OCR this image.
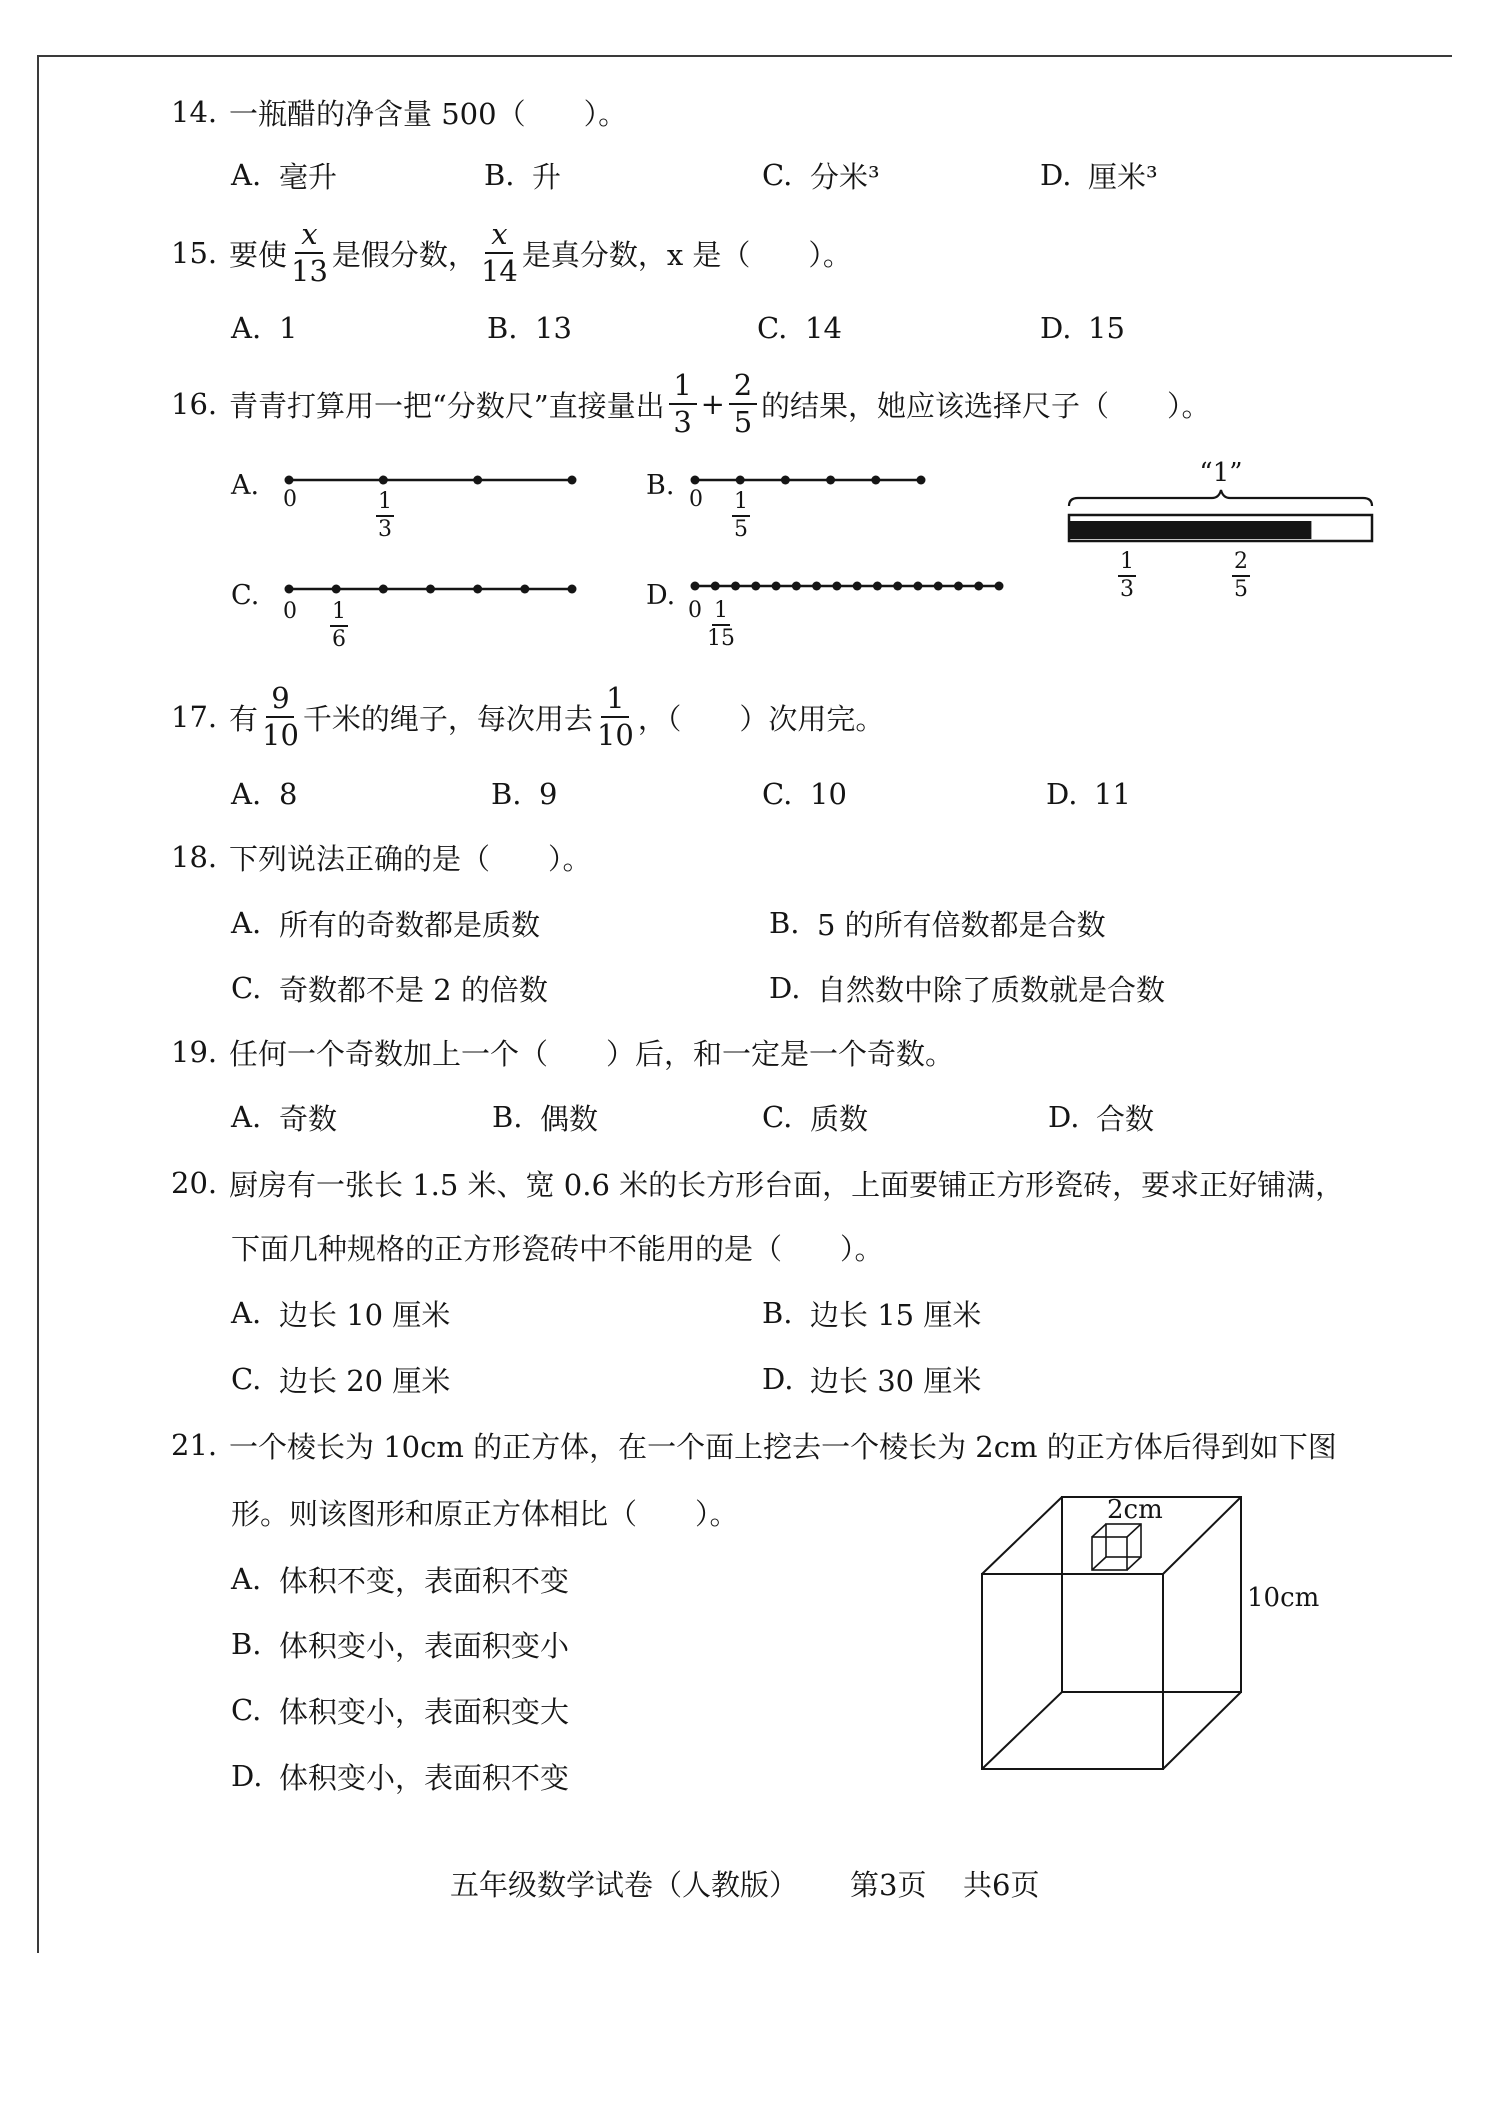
14. 一瓶醋的净含量 500（　　）。
A. 毫升	B. 升	C. 分米³	D. 厘米³
15. 要使 $\frac{x}{13}$ 是假分数， $\frac{x}{14}$ 是真分数，x 是（　　）。
A. 1	B. 13	C. 14	D. 15
16. 青青打算用一把“分数尺”直接量出 $\frac{1}{3} + \frac{2}{5}$ 的结果，她应该选择尺子（　　）。
A. 0	$\frac{1}{3}$
B. $0 \frac{1}{5}$
C.
$0 \frac{1}{6}$
D. $0 \frac{1}{15}$
“1”
$\frac{1}{3}$	$\frac{2}{5}$
17. 有 $\frac{9}{10}$ 千米的绳子，每次用去 $\frac{1}{10}$ ，（　　）次用完。
A. 8	B. 9	C. 10	D. 11
18. 下列说法正确的是（　　）。
A. 所有的奇数都是质数	B. 5 的所有倍数都是合数
C. 奇数都不是 2 的倍数	D. 自然数中除了质数就是合数
19. 任何一个奇数加上一个（　　）后，和一定是一个奇数。
A. 奇数	B. 偶数	C. 质数	D. 合数
20. 厨房有一张长 1.5 米、宽 0.6 米的长方形台面，上面要铺正方形瓷砖，要求正好铺满，
下面几种规格的正方形瓷砖中不能用的是（　　）。
A. 边长 10 厘米	B. 边长 15 厘米
C. 边长 20 厘米	D. 边长 30 厘米
21. 一个棱长为 10cm 的正方体，在一个面上挖去一个棱长为 2cm 的正方体后得到如下图
形。则该图形和原正方体相比（　　）。
A. 体积不变，表面积不变
B. 体积变小，表面积变小
C. 体积变小，表面积变大
D. 体积变小，表面积不变
2cm
10cm
五年级数学试卷（人教版） 第3页 共6页
